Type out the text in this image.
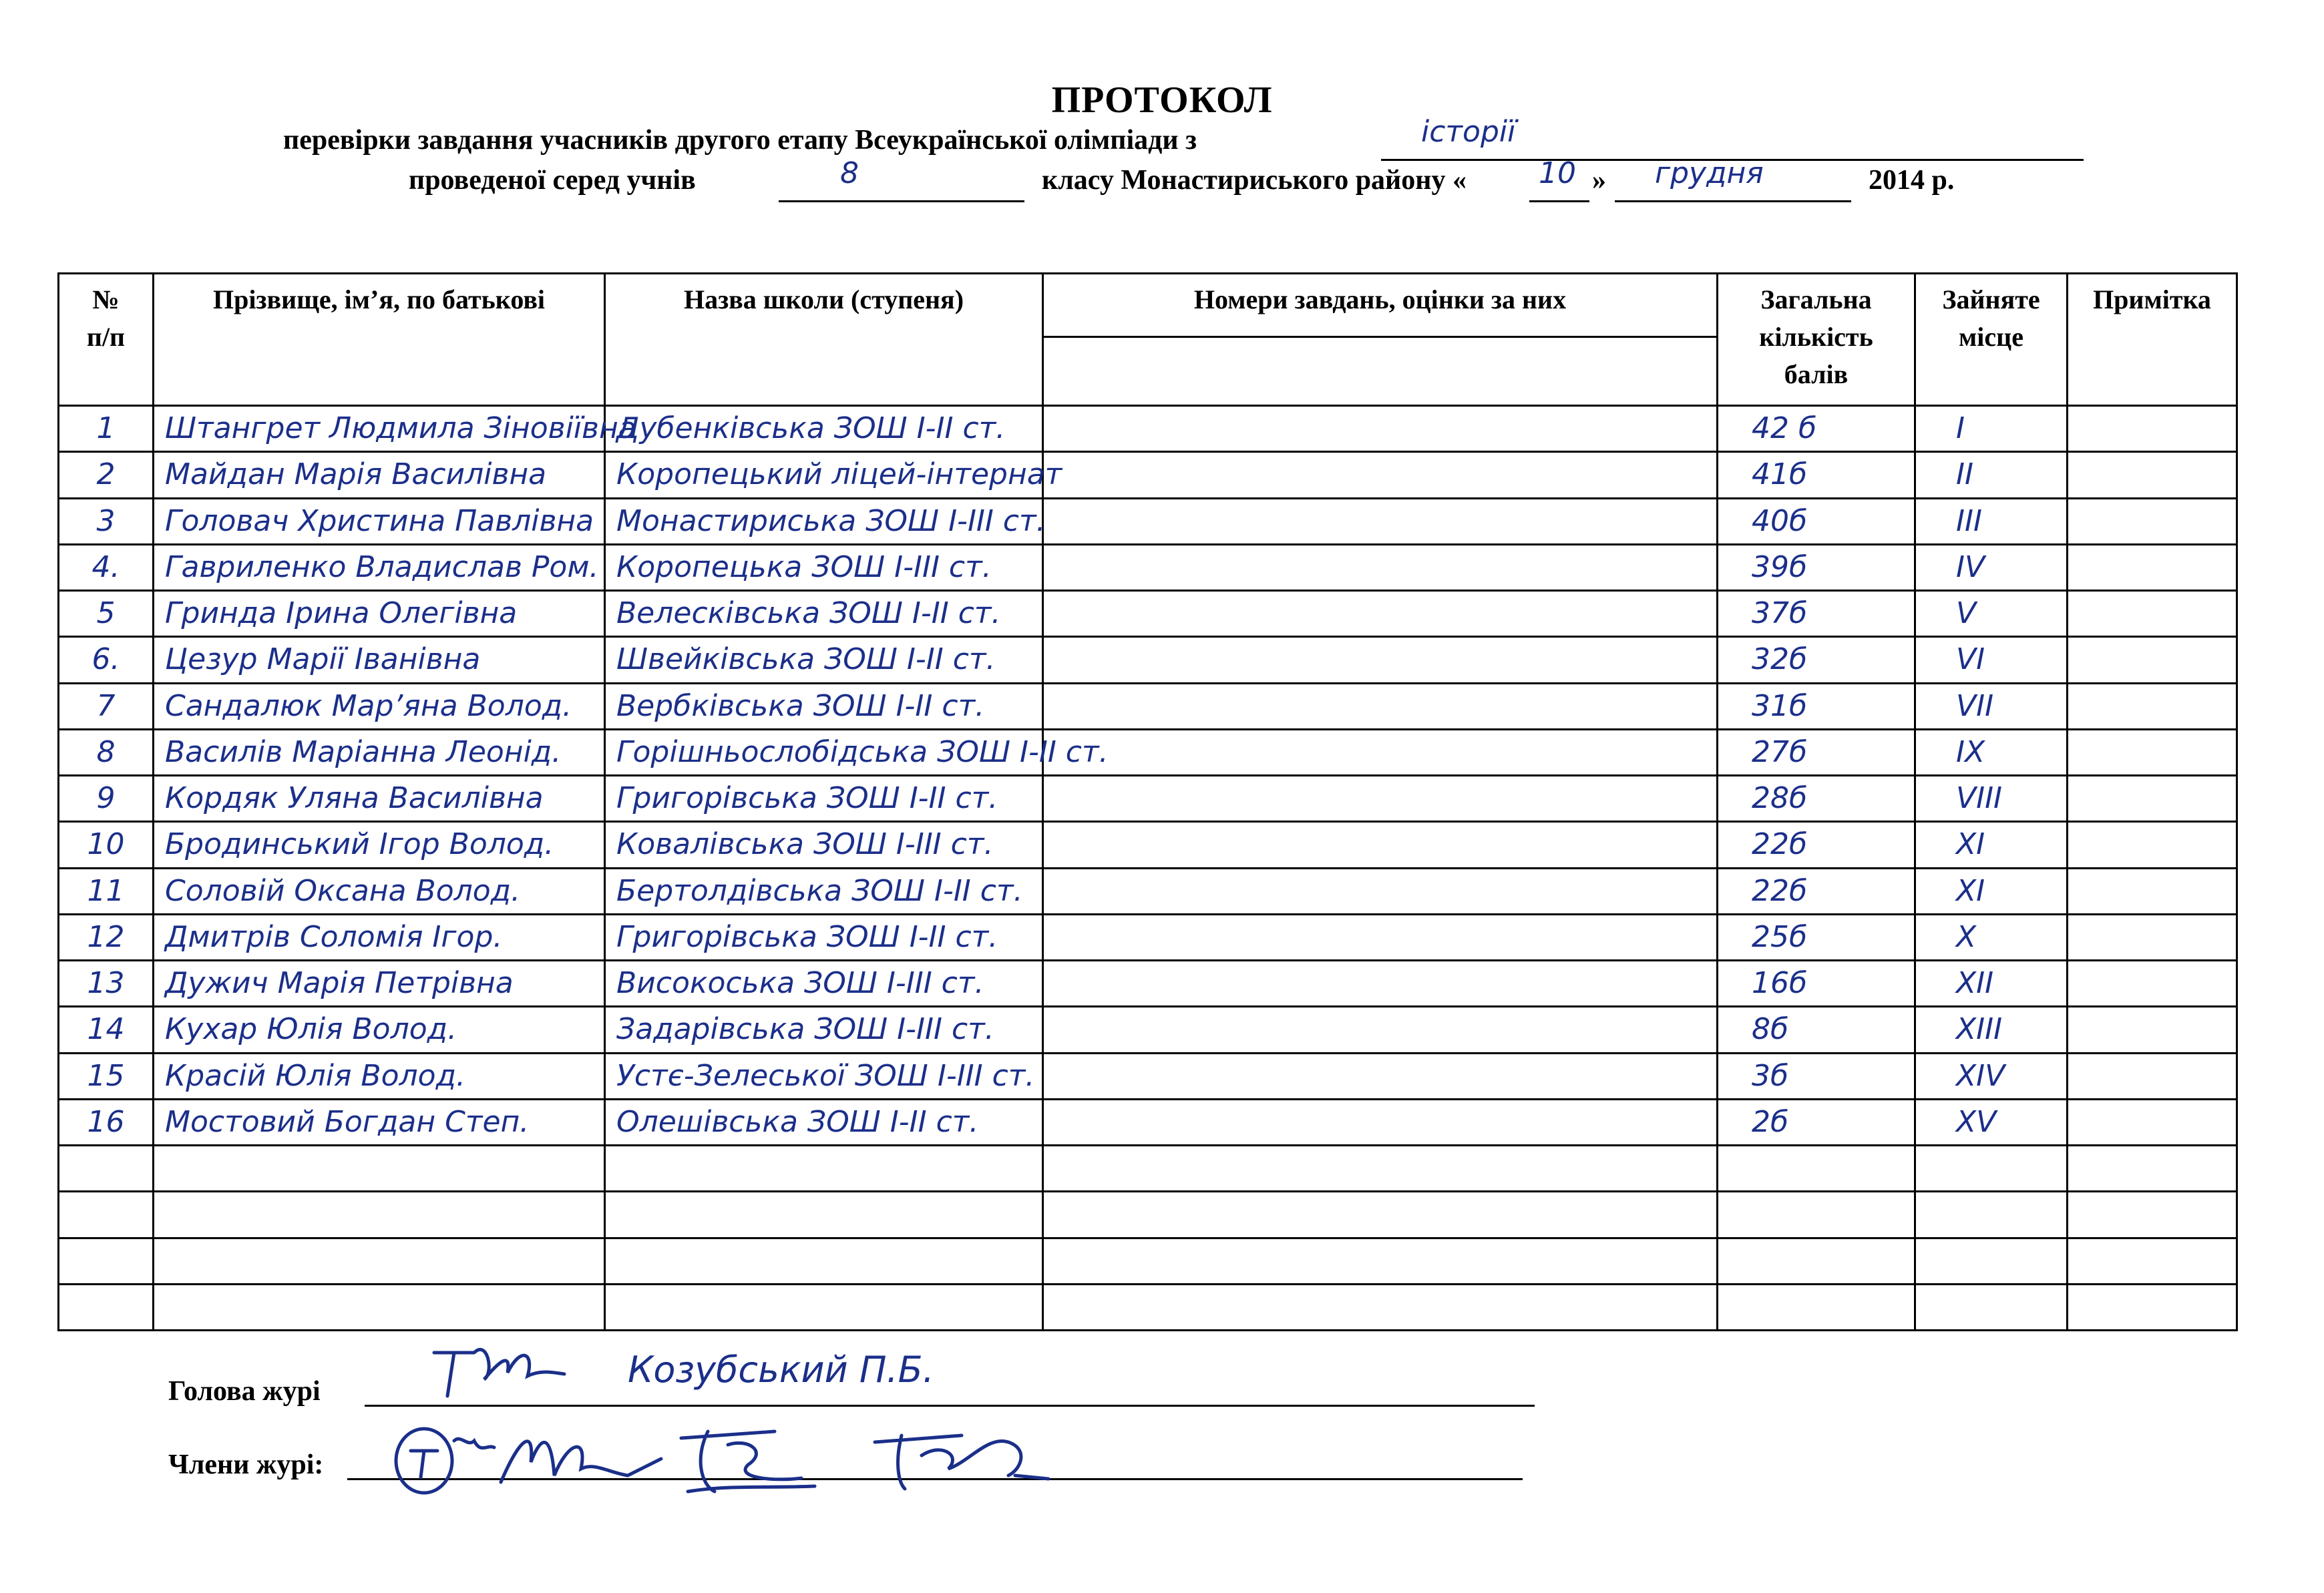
ПРОТОКОЛ
перевірки завдання учасників другого етапу Всеукраїнської олімпіади з	історії
проведеної серед учнів	8	класу Монастириського району « 10 » грудня	2014 р.
№ п/п	Прізвище, ім’я, по батькові	Назва школи (ступеня)	Номери завдань, оцінки за них	Загальна кількість балів	Зайняте місце	Примітка

1	Штангрет Людмила Зіновіївна	Дубенківська ЗОШ І-ІІ ст.		42 б	I	

2	Майдан Марія Василівна	Коропецький ліцей-інтернат		41б	II	

3	Головач Христина Павлівна	Монастириська ЗОШ І-ІІІ ст.		40б	III	

4.	Гавриленко Владислав Ром.	Коропецька ЗОШ І-ІІІ ст.		39б	IV	

5	Гринда Ірина Олегівна	Велесківська ЗОШ І-ІІ ст.		37б	V	

6.	Цезур Марії Іванівна	Швейківська ЗОШ І-ІІ ст.		32б	VI	

7	Сандалюк Мар’яна Волод.	Вербківська ЗОШ І-ІІ ст.		31б	VII	

8	Василів Маріанна Леонід.	Горішньослобідська ЗОШ І-ІІ ст.		27б	IX	

9	Кордяк Уляна Василівна	Григорівська ЗОШ І-ІІ ст.		28б	VIII	

10	Бродинський Ігор Волод.	Ковалівська ЗОШ І-ІІІ ст.		22б	XI	

11	Соловій Оксана Волод.	Бертолдівська ЗОШ І-ІІ ст.		22б	XI	

12	Дмитрів Соломія Ігор.	Григорівська ЗОШ І-ІІ ст.		25б	X	

13	Дужич Марія Петрівна	Високоська ЗОШ І-ІІІ ст.		16б	XII	

14	Кухар Юлія Волод.	Задарівська ЗОШ І-ІІІ ст.		8б	XIII	

15	Красій Юлія Волод.	Устє-Зелеської ЗОШ І-ІІІ ст.		3б	XIV	

16	Мостовий Богдан Степ.	Олешівська ЗОШ І-ІІ ст.		2б	XV	

Голова журі
Козубський П.Б.
Члени журі:
